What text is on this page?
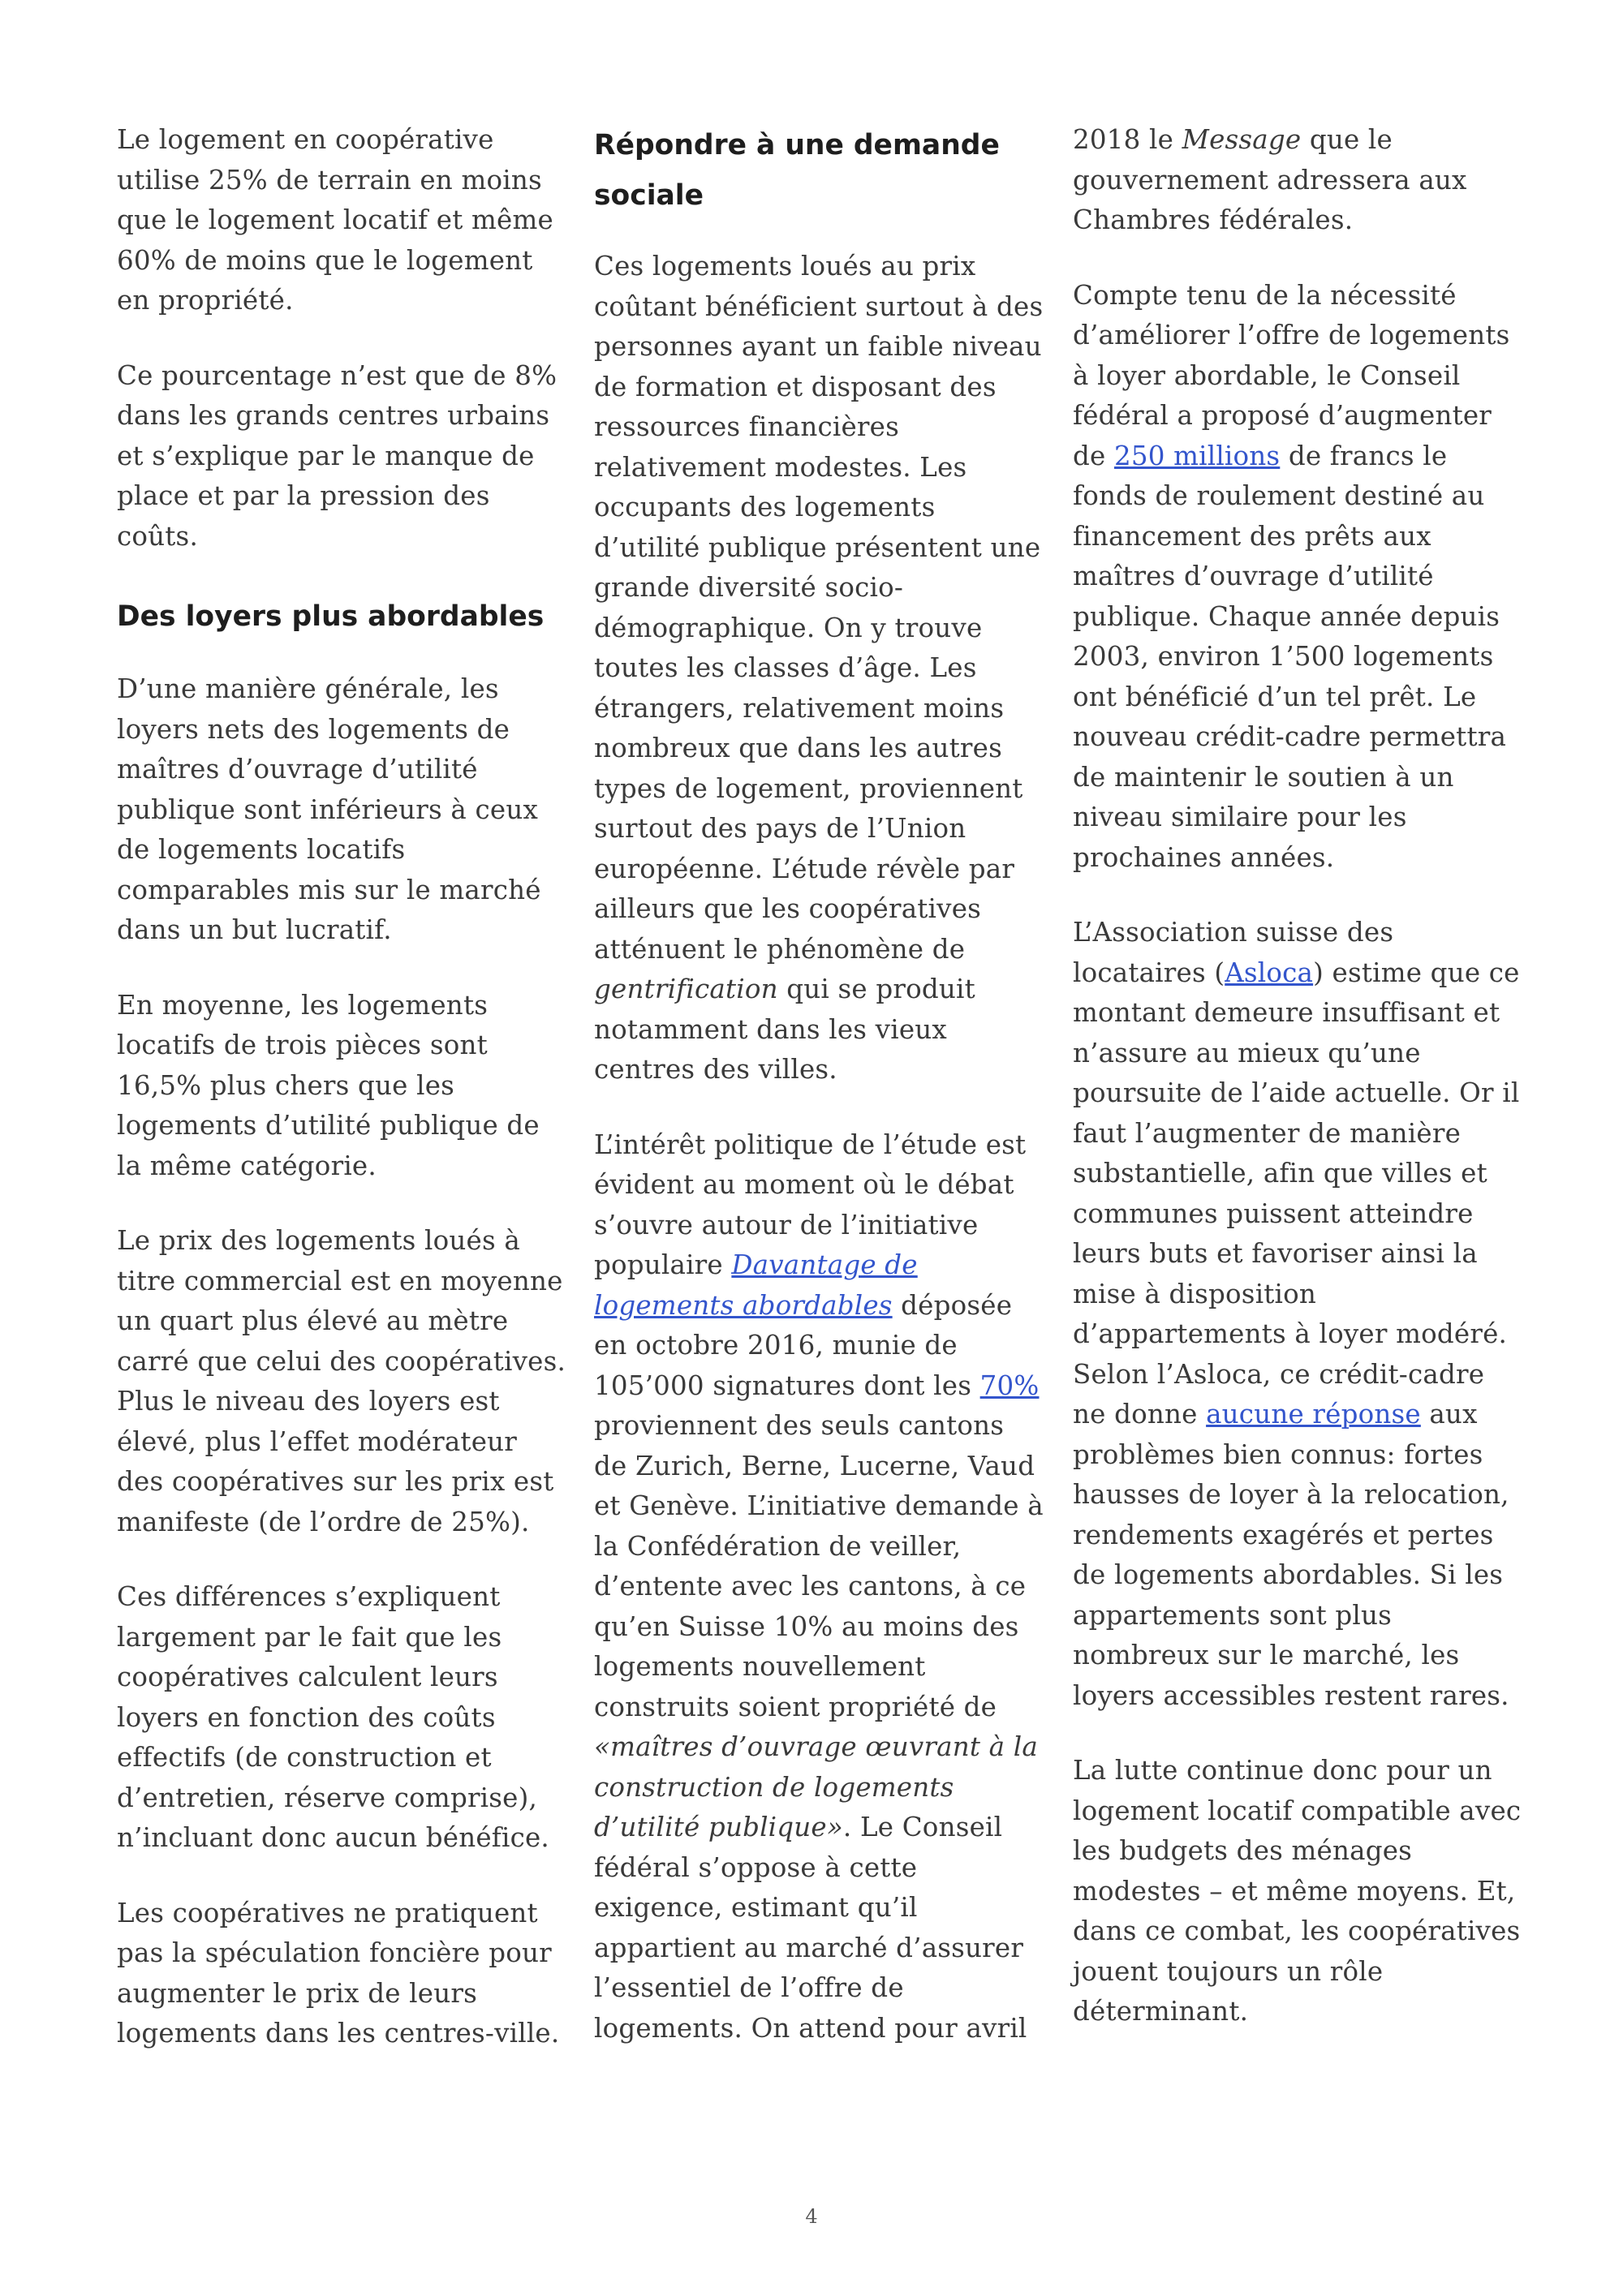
Le logement en coopérative utilise 25% de terrain en moins que le logement locatif et même 60% de moins que le logement en propriété.

Ce pourcentage n’est que de 8% dans les grands centres urbains et s’explique par le manque de place et par la pression des coûts.

Des loyers plus abordables

D’une manière générale, les loyers nets des logements de maîtres d’ouvrage d’utilité publique sont inférieurs à ceux de logements locatifs comparables mis sur le marché dans un but lucratif.

En moyenne, les logements locatifs de trois pièces sont 16,5% plus chers que les logements d’utilité publique de la même catégorie.

Le prix des logements loués à titre commercial est en moyenne un quart plus élevé au mètre carré que celui des coopératives. Plus le niveau des loyers est élevé, plus l’effet modérateur des coopératives sur les prix est manifeste (de l’ordre de 25%).

Ces différences s’expliquent largement par le fait que les coopératives calculent leurs loyers en fonction des coûts effectifs (de construction et d’entretien, réserve comprise), n’incluant donc aucun bénéfice.

Les coopératives ne pratiquent pas la spéculation foncière pour augmenter le prix de leurs logements dans les centres-ville.

Répondre à une demande sociale

Ces logements loués au prix coûtant bénéficient surtout à des personnes ayant un faible niveau de formation et disposant des ressources financières relativement modestes. Les occupants des logements d’utilité publique présentent une grande diversité socio-démographique. On y trouve toutes les classes d’âge. Les étrangers, relativement moins nombreux que dans les autres types de logement, proviennent surtout des pays de l’Union européenne. L’étude révèle par ailleurs que les coopératives atténuent le phénomène de gentrification qui se produit notamment dans les vieux centres des villes.

L’intérêt politique de l’étude est évident au moment où le débat s’ouvre autour de l’initiative populaire Davantage de logements abordables déposée en octobre 2016, munie de 105’000 signatures dont les 70% proviennent des seuls cantons de Zurich, Berne, Lucerne, Vaud et Genève. L’initiative demande à la Confédération de veiller, d’entente avec les cantons, à ce qu’en Suisse 10% au moins des logements nouvellement construits soient propriété de «maîtres d’ouvrage œuvrant à la construction de logements d’utilité publique». Le Conseil fédéral s’oppose à cette exigence, estimant qu’il appartient au marché d’assurer l’essentiel de l’offre de logements. On attend pour avril

2018 le Message que le gouvernement adressera aux Chambres fédérales.

Compte tenu de la nécessité d’améliorer l’offre de logements à loyer abordable, le Conseil fédéral a proposé d’augmenter de 250 millions de francs le fonds de roulement destiné au financement des prêts aux maîtres d’ouvrage d’utilité publique. Chaque année depuis 2003, environ 1’500 logements ont bénéficié d’un tel prêt. Le nouveau crédit-cadre permettra de maintenir le soutien à un niveau similaire pour les prochaines années.

L’Association suisse des locataires (Asloca) estime que ce montant demeure insuffisant et n’assure au mieux qu’une poursuite de l’aide actuelle. Or il faut l’augmenter de manière substantielle, afin que villes et communes puissent atteindre leurs buts et favoriser ainsi la mise à disposition d’appartements à loyer modéré. Selon l’Asloca, ce crédit-cadre ne donne aucune réponse aux problèmes bien connus: fortes hausses de loyer à la relocation, rendements exagérés et pertes de logements abordables. Si les appartements sont plus nombreux sur le marché, les loyers accessibles restent rares.

La lutte continue donc pour un logement locatif compatible avec les budgets des ménages modestes – et même moyens. Et, dans ce combat, les coopératives jouent toujours un rôle déterminant.

4
